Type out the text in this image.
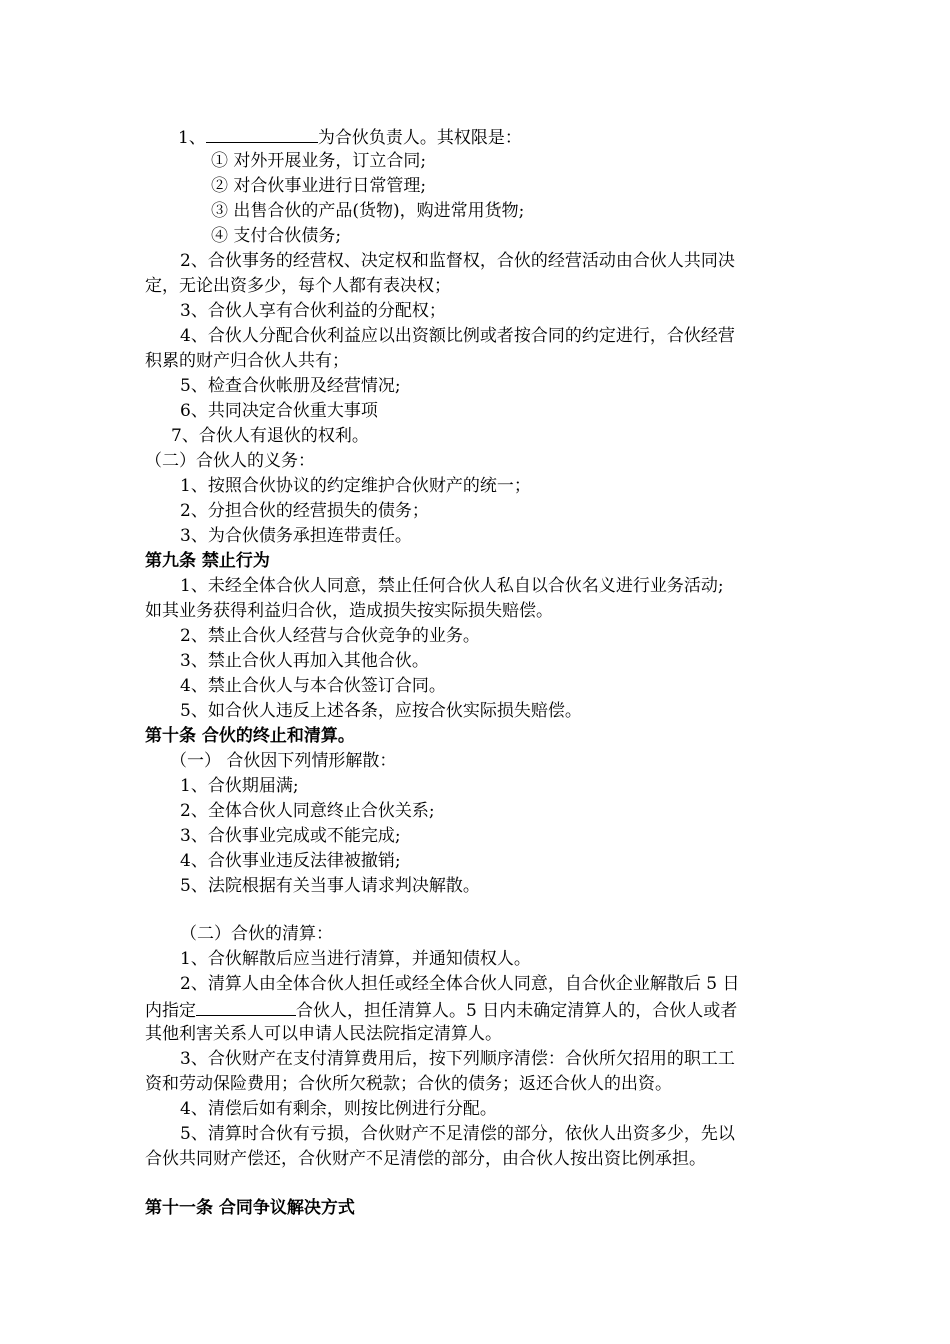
1、	为合伙负责人。其权限是：
① 对外开展业务，订立合同;
② 对合伙事业进行日常管理;
③ 出售合伙的产品(货物)，购进常用货物;
④ 支付合伙债务;
2、合伙事务的经营权、决定权和监督权，合伙的经营活动由合伙人共同决
定，无论出资多少，每个人都有表决权；
3、合伙人享有合伙利益的分配权；
4、合伙人分配合伙利益应以出资额比例或者按合同的约定进行，合伙经营
积累的财产归合伙人共有；
5、检查合伙帐册及经营情况;
6、共同决定合伙重大事项
7、合伙人有退伙的权利。
（二）合伙人的义务：
1、按照合伙协议的约定维护合伙财产的统一；
2、分担合伙的经营损失的债务；
3、为合伙债务承担连带责任。
第九条 禁止行为
1、未经全体合伙人同意，禁止任何合伙人私自以合伙名义进行业务活动;
如其业务获得利益归合伙，造成损失按实际损失赔偿。
2、禁止合伙人经营与合伙竞争的业务。
3、禁止合伙人再加入其他合伙。
4、禁止合伙人与本合伙签订合同。
5、如合伙人违反上述各条，应按合伙实际损失赔偿。
第十条 合伙的终止和清算。
（一） 合伙因下列情形解散：
1、合伙期届满;
2、全体合伙人同意终止合伙关系;
3、合伙事业完成或不能完成;
4、合伙事业违反法律被撤销;
5、法院根据有关当事人请求判决解散。
（二）合伙的清算：
1、合伙解散后应当进行清算，并通知债权人。
2、清算人由全体合伙人担任或经全体合伙人同意，自合伙企业解散后 5 日
内指定	合伙人，担任清算人。5 日内未确定清算人的，合伙人或者
其他利害关系人可以申请人民法院指定清算人。
3、合伙财产在支付清算费用后，按下列顺序清偿：合伙所欠招用的职工工
资和劳动保险费用；合伙所欠税款；合伙的债务；返还合伙人的出资。
4、清偿后如有剩余，则按比例进行分配。
5、清算时合伙有亏损，合伙财产不足清偿的部分，依伙人出资多少，先以
合伙共同财产偿还，合伙财产不足清偿的部分，由合伙人按出资比例承担。
第十一条 合同争议解决方式
